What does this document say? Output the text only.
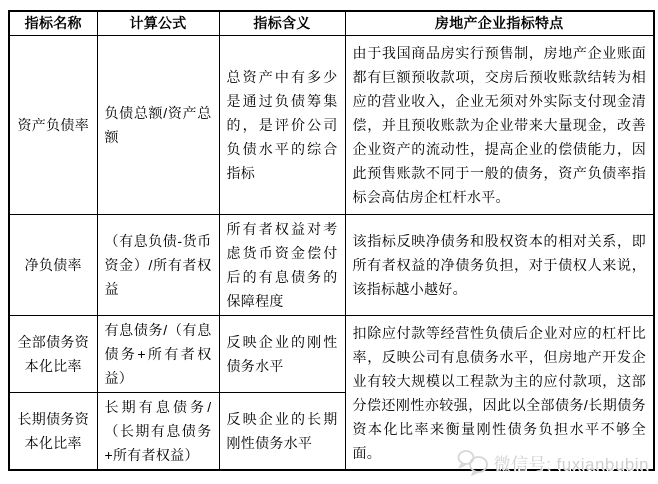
指标名称	计算公式	指标含义	房地产企业指标特点
资产负债率	负债总额/资产总额	总资产中有多少是通过负债筹集的，是评价公司负债水平的综合指标	由于我国商品房实行预售制，房地产企业账面都有巨额预收款项，交房后预收账款结转为相应的营业收入，企业无须对外实际支付现金清偿，并且预收账款为企业带来大量现金，改善企业资产的流动性，提高企业的偿债能力，因此预售账款不同于一般的债务，资产负债率指标会高估房企杠杆水平。
净负债率	（有息负债-货币资金）/所有者权益	所有者权益对考虑货币资金偿付后的有息债务的保障程度	该指标反映净债务和股权资本的相对关系，即所有者权益的净债务负担，对于债权人来说，该指标越小越好。
全部债务资本化比率	有息债务/（有息债务+所有者权益）	反映企业的刚性债务水平	扣除应付款等经营性负债后企业对应的杠杆比率，反映公司有息债务水平，但房地产开发企业有较大规模以工程款为主的应付款项，这部分偿还刚性亦较强，因此以全部债务/长期债务资本化比率来衡量刚性债务负担水平不够全面。
长期债务资本化比率	长期有息债务/（长期有息债务+所有者权益）	反映企业的长期刚性债务水平	
微信号: fuxianbubin
